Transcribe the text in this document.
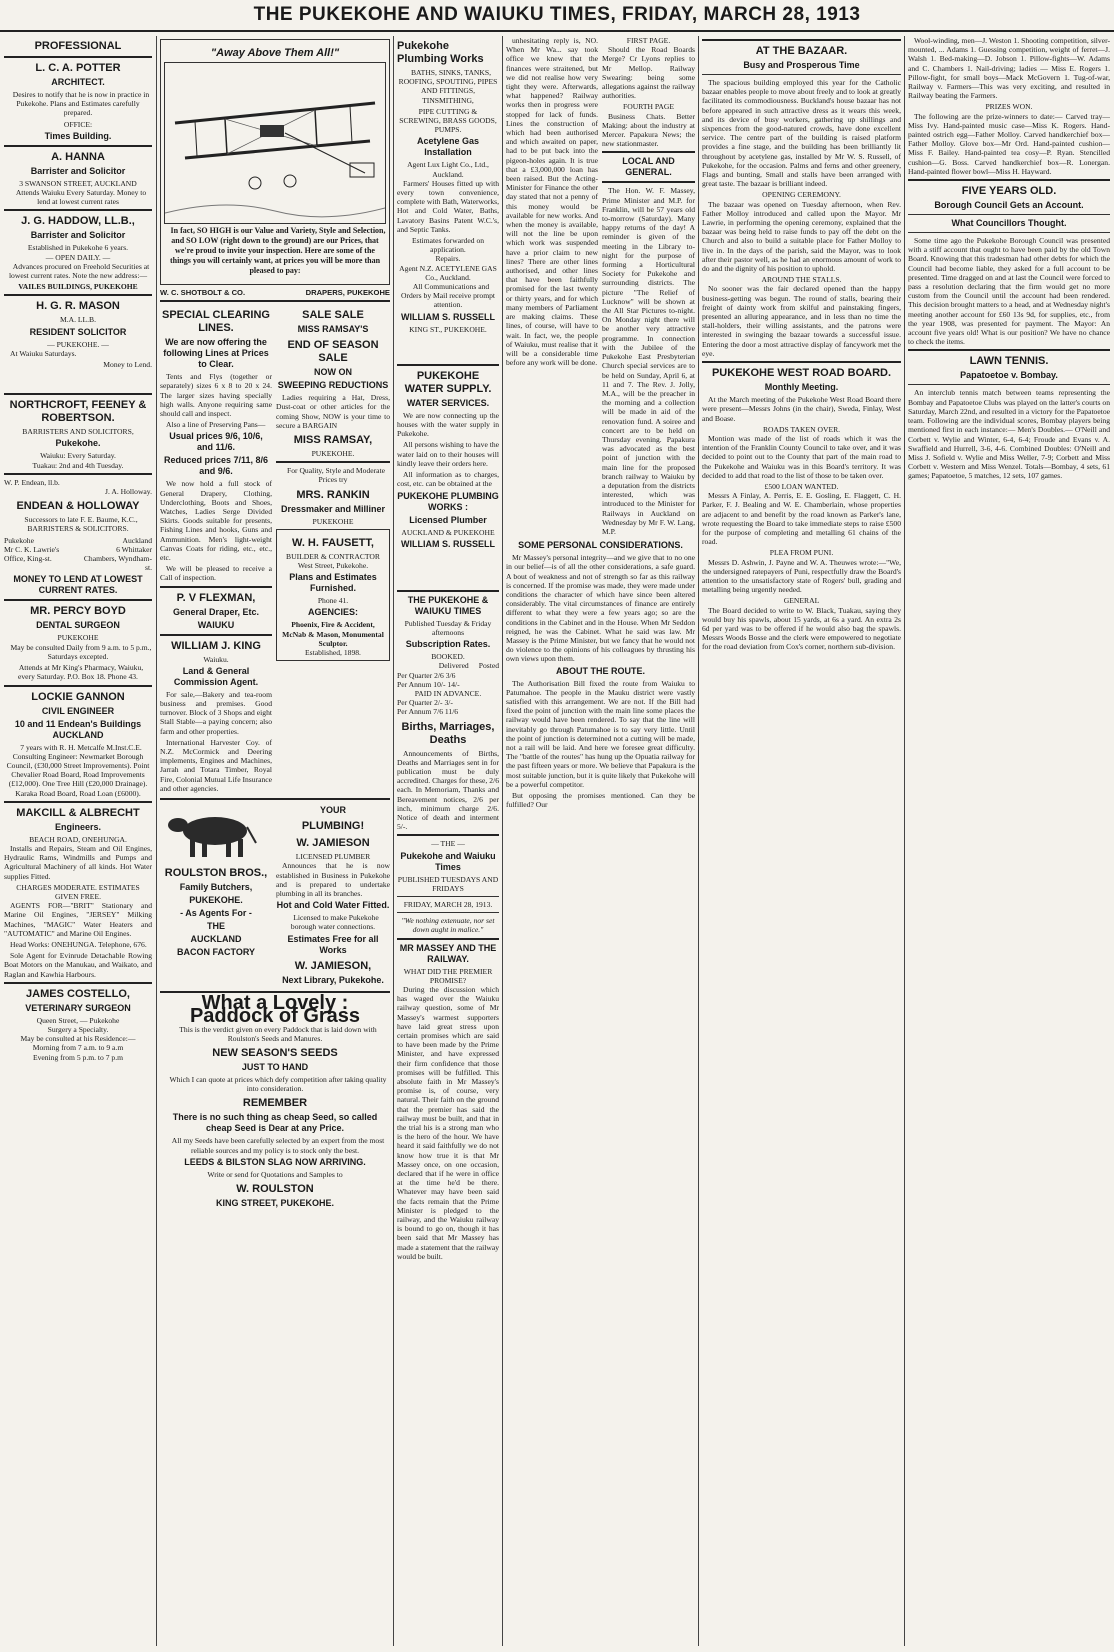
THE PUKEKOHE AND WAIUKU TIMES, FRIDAY, MARCH 28, 1913
PROFESSIONAL
L. C. A. POTTER
ARCHITECT.

Desires to notify that he is now in practice in Pukekohe. Plans and Estimates carefully prepared.

OFFICE:
Times Building.
A. HANNA
Barrister and Solicitor
3 SWANSON STREET, AUCKLAND

Attends Waiuku Every Saturday. Money to lend at lowest current rates

J. G. HADDOW, LL.B.,
Barrister and Solicitor
Established in Pukekohe 6 years.
— OPEN DAILY. —

Advances procured on Freehold Securities at lowest current rates. Note the new address:—

VAILES BUILDINGS, PUKEKOHE
H. G. R. MASON
M.A. LL.B.
RESIDENT SOLICITOR
— PUKEKOHE. —

At Waiuku Saturdays.

Money to Lend.
NORTHCROFT, FEENEY & ROBERTSON.
BARRISTERS AND SOLICITORS,
Pukekohe.
Waiuku: Every Saturday.
Tuakau: 2nd and 4th Tuesday.
W. P. Endean, ll.b.
J. A. Holloway.
ENDEAN & HOLLOWAY

Successors to late F. E. Baume, K.C., BARRISTERS & SOLICITORS.

Pukekohe	Auckland
Mr C. K. Lawrie's Office, King-st.
6 Whittaker Chambers, Wyndham-st.
MONEY TO LEND AT LOWEST CURRENT RATES.
MR. PERCY BOYD
DENTAL SURGEON
PUKEKOHE

May be consulted Daily from 9 a.m. to 5 p.m., Saturdays excepted.

Attends at Mr King's Pharmacy, Waiuku, every Saturday. P.O. Box 18. Phone 43.

LOCKIE GANNON
CIVIL ENGINEER
10 and 11 Endean's Buildings AUCKLAND

7 years with R. H. Metcalfe M.Inst.C.E. Consulting Engineer: Newmarket Borough Council, (£30,000 Street Improvements). Point Chevalier Road Board, Road Improvements (£12,000). One Tree Hill (£20,000 Drainage). Karaka Road Board, Road Loan (£6000).

MAKCILL & ALBRECHT
Engineers.
BEACH ROAD, ONEHUNGA.

Installs and Repairs, Steam and Oil Engines, Hydraulic Rams, Windmills and Pumps and Agricultural Machinery of all kinds. Hot Water supplies Fitted.

CHARGES MODERATE. ESTIMATES GIVEN FREE.

AGENTS FOR—"BRIT" Stationary and Marine Oil Engines, "JERSEY" Milking Machines, "MAGIC" Water Heaters and "AUTOMATIC" and Marine Oil Engines.

Head Works: ONEHUNGA. Telephone, 676.

Sole Agent for Evinrude Detachable Rowing Boat Motors on the Manukau, and Waikato, and Raglan and Kawhia Harbours.

JAMES COSTELLO,
VETERINARY SURGEON
Queen Street, — Pukekohe
Surgery a Specialty.
May be consulted at his Residence:—
Morning from 7 a.m. to 9 a.m
Evening from 5 p.m. to 7 p.m
"Away Above Them All!"

In fact, SO HIGH is our Value and Variety, Style and Selection, and SO LOW (right down to the ground) are our Prices, that we're proud to invite your inspection. Here are some of the things you will certainly want, at prices you will be more than pleased to pay:

W. C. SHOTBOLT & CO.	DRAPERS, PUKEKOHE
SPECIAL CLEARING LINES.
We are now offering the following Lines at Prices to Clear.

Tents and Flys (together or separately) sizes 6 x 8 to 20 x 24. The larger sizes having specially high walls. Anyone requiring same should call and inspect.

Also a line of Preserving Pans—

Usual prices 9/6, 10/6, and 11/6.
Reduced prices 7/11, 8/6 and 9/6.

We now hold a full stock of General Drapery, Clothing, Underclothing, Boots and Shoes, Watches, Ladies Serge Divided Skirts. Goods suitable for presents, Fishing Lines and hooks, Guns and Ammunition. Men's light-weight Canvas Coats for riding, etc., etc., etc.

We will be pleased to receive a Call of inspection.

P. V FLEXMAN,
General Draper, Etc.
WAIUKU
WILLIAM J. KING
Waiuku.
Land & General Commission Agent.

For sale,—Bakery and tea-room business and premises. Good turnover. Block of 3 Shops and eight Stall Stable—a paying concern; also farm and other properties.

International Harvester Coy. of N.Z. McCormick and Deering implements, Engines and Machines, Jarrah and Totara Timber, Royal Fire, Colonial Mutual Life Insurance and other agencies.

SALE SALE
MISS RAMSAY'S
END OF SEASON SALE
NOW ON
SWEEPING REDUCTIONS

Ladies requiring a Hat, Dress, Dust-coat or other articles for the coming Show, NOW is your time to secure a BARGAIN

MISS RAMSAY,
PUKEKOHE.

For Quality, Style and Moderate Prices try

MRS. RANKIN
Dressmaker and Milliner
PUKEKOHE
W. H. FAUSETT,
BUILDER & CONTRACTOR
West Street, Pukekohe.
Plans and Estimates Furnished.
Phone 41.
AGENCIES:
Phoenix, Fire & Accident, McNab & Mason, Monumental Sculptor.
Established, 1898.
ROULSTON BROS.,
Family Butchers,
PUKEKOHE.
- As Agents For -
THE
AUCKLAND
BACON FACTORY
YOUR
PLUMBING!
W. JAMIESON
LICENSED PLUMBER

Announces that he is now established in Business in Pukekohe and is prepared to undertake plumbing in all its branches.

Hot and Cold Water Fitted.

Licensed to make Pukekohe borough water connections.

Estimates Free for all Works
W. JAMIESON,
Next Library, Pukekohe.
What a Lovely : Paddock of Grass

This is the verdict given on every Paddock that is laid down with Roulston's Seeds and Manures.

NEW SEASON'S SEEDS
JUST TO HAND

Which I can quote at prices which defy competition after taking quality into consideration.

REMEMBER
There is no such thing as cheap Seed, so called cheap Seed is Dear at any Price.

All my Seeds have been carefully selected by an expert from the most reliable sources and my policy is to stock only the best.

LEEDS & BILSTON SLAG NOW ARRIVING.
Write or send for Quotations and Samples to
W. ROULSTON
KING STREET, PUKEKOHE.
Pukekohe Plumbing Works

BATHS, SINKS, TANKS, ROOFING, SPOUTING, PIPES AND FITTINGS, TINSMITHING,

PIPE CUTTING & SCREWING, BRASS GOODS, PUMPS.
Acetylene Gas Installation
Agent Lux Light Co., Ltd., Auckland.

Farmers' Houses fitted up with every town convenience, complete with Bath, Waterworks, Hot and Cold Water, Baths, Lavatory Basins Patent W.C.'s, and Septic Tanks.

Estimates forwarded on application.
Repairs.
Agent N.Z. ACETYLENE GAS Co., Auckland.

All Communications and Orders by Mail receive prompt attention.

WILLIAM S. RUSSELL
KING ST., PUKEKOHE.
PUKEKOHE WATER SUPPLY.
WATER SERVICES.

We are now connecting up the houses with the water supply in Pukekohe.

All persons wishing to have the water laid on to their houses will kindly leave their orders here.

All information as to charges, cost, etc. can be obtained at the

PUKEKOHE PLUMBING WORKS :
Licensed Plumber
AUCKLAND & PUKEKOHE
WILLIAM S. RUSSELL
THE PUKEKOHE & WAIUKU TIMES
Published Tuesday & Friday afternoons
Subscription Rates.
BOOKED.
Delivered Posted
Per Quarter 2/6 3/6
Per Annum 10/- 14/-
PAID IN ADVANCE.
Per Quarter 2/- 3/-
Per Annum 7/6 11/6
Births, Marriages, Deaths

Announcements of Births, Deaths and Marriages sent in for publication must be duly accredited. Charges for these, 2/6 each. In Memoriam, Thanks and Bereavement notices, 2/6 per inch, minimum charge 2/6. Notice of death and interment 5/-.

— THE —
Pukekohe and Waiuku Times
PUBLISHED TUESDAYS AND FRIDAYS
FRIDAY, MARCH 28, 1913.
"We nothing extenuate, nor set down aught in malice."
MR MASSEY AND THE RAILWAY.
WHAT DID THE PREMIER PROMISE?

During the discussion which has waged over the Waiuku railway question, some of Mr Massey's warmest supporters have laid great stress upon certain promises which are said to have been made by the Prime Minister, and have expressed their firm confidence that those promises will be fulfilled. This absolute faith in Mr Massey's promise is, of course, very natural. Their faith on the ground that the premier has said the railway must be built, and that in the trial his is a strong man who is the hero of the hour. We have heard it said faithfully we do not know how true it is that Mr Massey once, on one occasion, declared that if he were in office at the time he'd be there. Whatever may have been said the facts remain that the Prime Minister is pledged to the railway, and the Waiuku railway is bound to go on, though it has been said that Mr Massey has made a statement that the railway would be built.

unhesitating reply is, NO. When Mr Wa... say took office we knew that the finances were straitened, but we did not realise how very tight they were. Afterwards, what happened? Railway works then in progress were stopped for lack of funds. Lines the construction of which had been authorised and which awaited on paper, had to be put back into the pigeon-holes again. It is true that a £3,000,000 loan has been raised. But the Acting-Minister for Finance the other day stated that not a penny of this money would be available for new works. And when the money is available, will not the line be upon which work was suspended have a prior claim to new lines? There are other lines authorised, and other lines that have been faithfully promised for the last twenty or thirty years, and for which many members of Parliament are making claims. These lines, of course, will have to wait. In fact, we, the people of Waiuku, must realise that it will be a considerable time before any work will be done.

FIRST PAGE.

Should the Road Boards Merge? Cr Lyons replies to Mr Mellop. Railway Swearing: being some allegations against the railway authorities.

FOURTH PAGE

Business Chats. Better Making: about the industry at Mercer. Papakura News; the new stationmaster.

LOCAL AND GENERAL.

The Hon. W. F. Massey, Prime Minister and M.P. for Franklin, will be 57 years old to-morrow (Saturday). Many happy returns of the day! A reminder is given of the meeting in the Library to-night for the purpose of forming a Horticultural Society for Pukekohe and surrounding districts. The picture "The Relief of Lucknow" will be shown at the All Star Pictures to-night. On Monday night there will be another very attractive programme. In connection with the Jubilee of the Pukekohe East Presbyterian Church special services are to be held on Sunday, April 6, at 11 and 7. The Rev. J. Jolly, M.A., will be the preacher in the morning and a collection will be made in aid of the renovation fund. A soiree and concert are to be held on Thursday evening. Papakura was advocated as the best point of junction with the main line for the proposed branch railway to Waiuku by a deputation from the districts interested, which was introduced to the Minister for Railways in Auckland on Wednesday by Mr F. W. Lang, M.P.

SOME PERSONAL CONSIDERATIONS.

Mr Massey's personal integrity—and we give that to no one in our belief—is of all the other considerations, a safe guard. A bout of weakness and not of strength so far as this railway is concerned. If the promise was made, they were made under conditions the character of which have since been altered considerably. The vital circumstances of finance are entirely different to what they were a few years ago; so are the conditions in the Cabinet and in the House. When Mr Seddon reigned, he was the Cabinet. What he said was law. Mr Massey is the Prime Minister, but we fancy that he would not do violence to the opinions of his colleagues by thrusting his own views upon them.

ABOUT THE ROUTE.

The Authorisation Bill fixed the route from Waiuku to Patumahoe. The people in the Mauku district were vastly satisfied with this arrangement. We are not. If the Bill had fixed the point of junction with the main line some places the railway would have been rendered. To say that the line will inevitably go through Patumahoe is to say very little. Until the point of junction is determined not a cutting will be made, not a rail will be laid. And here we foresee great difficulty. The "battle of the routes" has hung up the Opuatia railway for the past fifteen years or more. We believe that Papakura is the most suitable junction, but it is quite likely that Pukekohe will be a powerful competitor.

But opposing the promises mentioned. Can they be fulfilled? Our

AT THE BAZAAR.
Busy and Prosperous Time

The spacious building employed this year for the Catholic bazaar enables people to move about freely and to look at greatly facilitated its commodiousness. Buckland's house bazaar has not before appeared in such attractive dress as it wears this week, and its device of busy workers, gathering up shillings and sixpences from the good-natured crowds, have done excellent service. The centre part of the building is raised platform provides a fine stage, and the building has been brilliantly lit throughout by acetylene gas, installed by Mr W. S. Russell, of Pukekohe, for the occasion. Palms and ferns and other greenery, Flags and bunting, Small and stalls have been arranged with great taste. The bazaar is brilliant indeed.

OPENING CEREMONY.

The bazaar was opened on Tuesday afternoon, when Rev. Father Molloy introduced and called upon the Mayor. Mr Lawrie, in performing the opening ceremony, explained that the bazaar was being held to raise funds to pay off the debt on the Church and also to build a suitable place for Father Molloy to live in. In the days of the parish, said the Mayor, was to look after their pastor well, as he had an enormous amount of work to do and the dignity of his position to uphold.

AROUND THE STALLS.

No sooner was the fair declared opened than the happy business-getting was begun. The round of stalls, bearing their freight of dainty work from skilful and painstaking fingers, presented an alluring appearance, and in less than no time the stall-holders, their willing assistants, and the patrons were interested in swinging the bazaar towards a successful issue. Entering the door a most attractive display of fancywork met the eye.

PUKEKOHE WEST ROAD BOARD.
Monthly Meeting.

At the March meeting of the Pukekohe West Road Board there were present—Messrs Johns (in the chair), Sweda, Finlay, West and Boase.

ROADS TAKEN OVER.

Montion was made of the list of roads which it was the intention of the Franklin County Council to take over, and it was decided to point out to the County that part of the main road to the Pukekohe and Waiuku was in this Board's territory. It was decided to add that road to the list of those to be taken over.

£500 LOAN WANTED.

Messrs A Finlay, A. Perris, E. E. Gosling, E. Flaggett, C. H. Parker, F. J. Bealing and W. E. Chamberlain, whose properties are adjacent to and benefit by the road known as Parker's lane, wrote requesting the Board to take immediate steps to raise £500 for the purpose of completing and metalling 61 chains of the road.

PLEA FROM PUNI.

Messrs D. Ashwin, J. Payne and W. A. Theuwes wrote:—"We, the undersigned ratepayers of Puni, respectfully draw the Board's attention to the unsatisfactory state of Rogers' bull, grading and metalling being urgently needed.

GENERAL

The Board decided to write to W. Black, Tuakau, saying they would buy his spawls, about 15 yards, at 6s a yard. An extra 2s 6d per yard was to be offered if he would also bag the spawls. Messrs Woods Bosse and the clerk were empowered to negotiate for the road deviation from Cox's corner, northern sub-division.

Wool-winding, men—J. Weston 1. Shooting competition, silver-mounted, ... Adams 1. Guessing competition, weight of ferret—J. Walsh 1. Bed-making—D. Jobson 1. Pillow-fights—W. Adams and C. Chambers 1. Nail-driving; ladies — Miss E. Rogers 1. Pillow-fight, for small boys—Mack McGovern 1. Tug-of-war, Railway v. Farmers—This was very exciting, and resulted in Railway beating the Farmers.

PRIZES WON.

The following are the prize-winners to date:— Carved tray—Miss Ivy. Hand-painted music case—Miss K. Rogers. Hand-painted ostrich egg—Father Molloy. Carved handkerchief box—Father Molloy. Glove box—Mr Ord. Hand-painted cushion—Miss F. Bailey. Hand-painted tea cosy—P. Ryan. Stencilled cushion—G. Boss. Carved handkerchief box—R. Lonergan. Hand-painted flower bowl—Miss H. Hayward.

FIVE YEARS OLD.
Borough Council Gets an Account.
What Councillors Thought.

Some time ago the Pukekohe Borough Council was presented with a stiff account that ought to have been paid by the old Town Board. Knowing that this tradesman had other debts for which the Council had become liable, they asked for a full account to be presented. Time dragged on and at last the Council were forced to pass a resolution declaring that the firm would get no more custom from the Council until the account had been rendered. This decision brought matters to a head, and at Wednesday night's meeting another account for £60 13s 9d, for supplies, etc., from the year 1908, was presented for payment. The Mayor: An account five years old! What is our position? We have no chance to check the items.

LAWN TENNIS.
Papatoetoe v. Bombay.

An interclub tennis match between teams representing the Bombay and Papatoetoe Clubs was played on the latter's courts on Saturday, March 22nd, and resulted in a victory for the Papatoetoe team. Following are the individual scores, Bombay players being mentioned first in each instance:— Men's Doubles.— O'Neill and Corbett v. Wylie and Winter, 6-4, 6-4; Froude and Evans v. A. Swaffield and Hurrell, 3-6, 4-6. Combined Doubles: O'Neill and Miss J. Sofield v. Wylie and Miss Weller, 7-9; Corbett and Miss Corbett v. Western and Miss Wenzel. Totals—Bombay, 4 sets, 61 games; Papatoetoe, 5 matches, 12 sets, 107 games.
